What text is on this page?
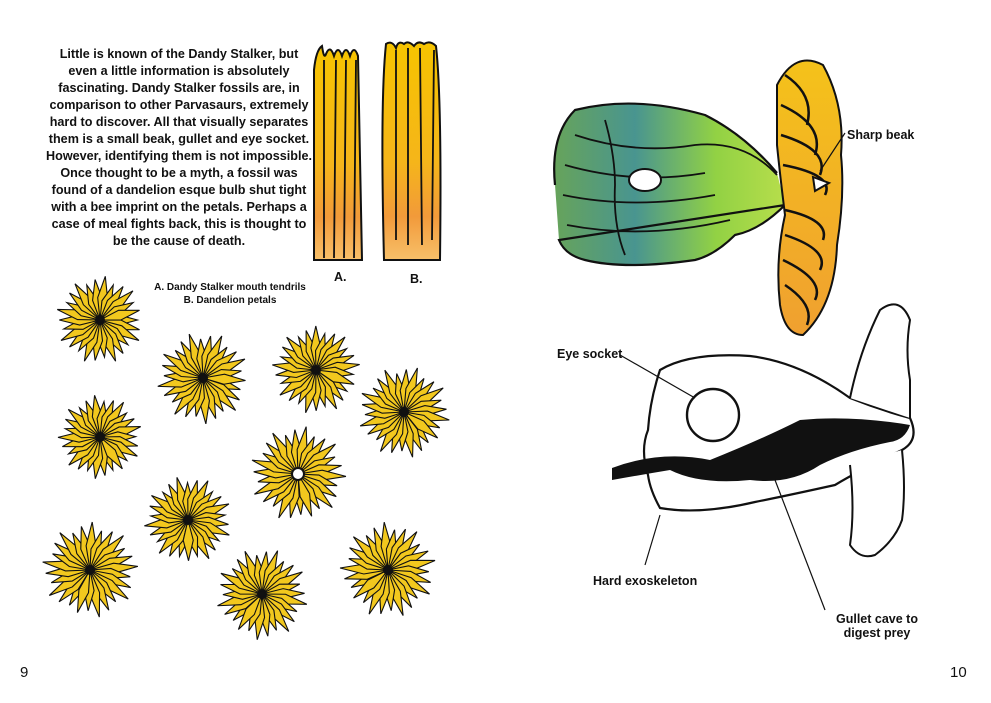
Little is known of the Dandy Stalker, but even a little information is absolutely fascinating. Dandy Stalker fossils are, in comparison to other Parvasaurs, extremely hard to discover. All that visually separates them is a small beak, gullet and eye socket. However, identifying them is not impossible. Once thought to be a myth, a fossil was found of a dandelion esque bulb shut tight with a bee imprint on the petals. Perhaps a case of meal fights back, this is thought to be the cause of death.
A.	B.
A. Dandy Stalker mouth tendrils
B. Dandelion petals
9
Sharp beak
Eye socket
Hard exoskeleton
Gullet cave to
digest prey
10
